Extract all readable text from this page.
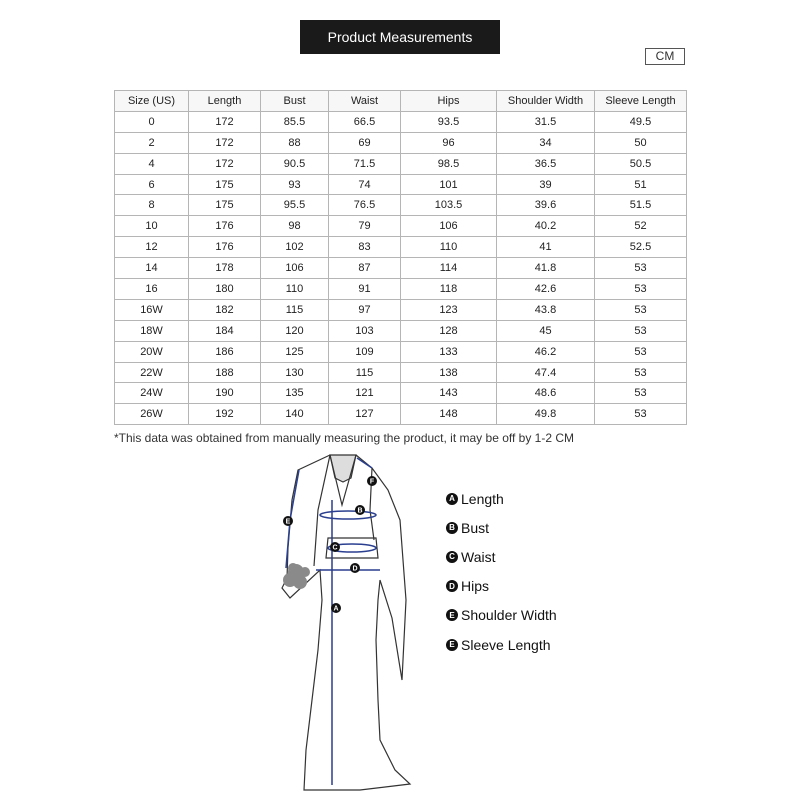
Product Measurements
CM
Size (US)	Length	Bust	Waist	Hips	Shoulder Width	Sleeve Length
0	172	85.5	66.5	93.5	31.5	49.5
2	172	88	69	96	34	50
4	172	90.5	71.5	98.5	36.5	50.5
6	175	93	74	101	39	51
8	175	95.5	76.5	103.5	39.6	51.5
10	176	98	79	106	40.2	52
12	176	102	83	110	41	52.5
14	178	106	87	114	41.8	53
16	180	110	91	118	42.6	53
16W	182	115	97	123	43.8	53
18W	184	120	103	128	45	53
20W	186	125	109	133	46.2	53
22W	188	130	115	138	47.4	53
24W	190	135	121	143	48.6	53
26W	192	140	127	148	49.8	53
*This data was obtained from manually measuring the product, it may be off by 1-2 CM
A
B
C
D
E
F
A Length
B Bust
C Waist
D Hips
E Shoulder Width
E Sleeve Length
